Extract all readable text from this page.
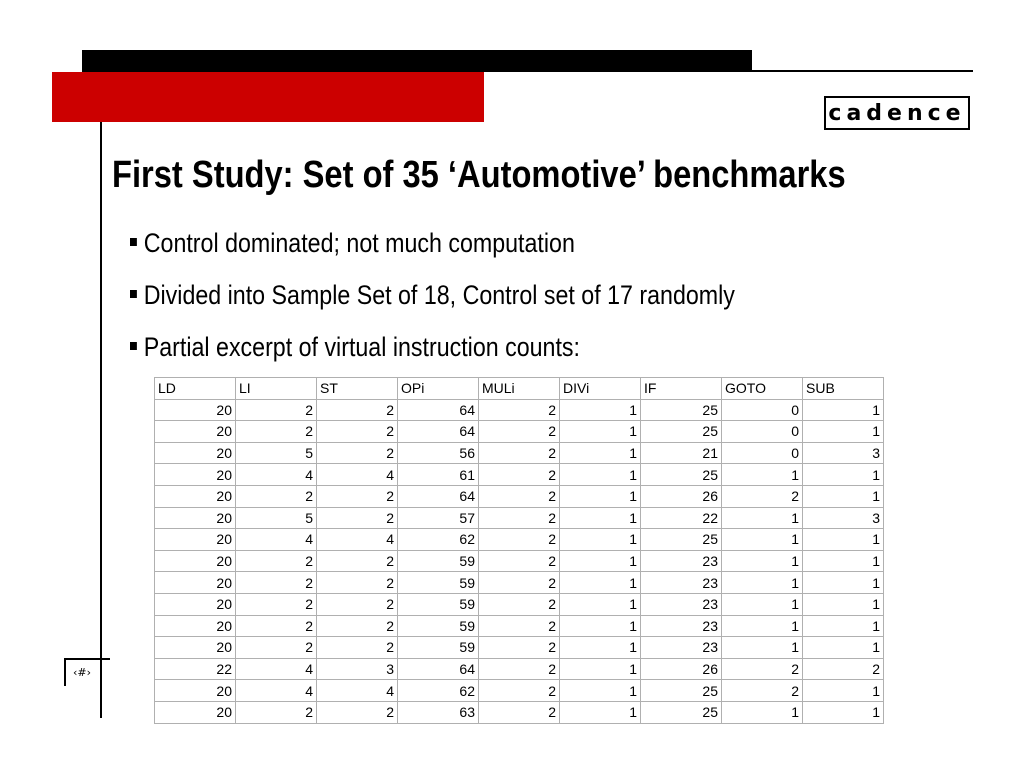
cadence
First Study: Set of 35 ‘Automotive’ benchmarks
Control dominated; not much computation
Divided into Sample Set of 18, Control set of 17 randomly
Partial excerpt of virtual instruction counts:
LD	LI	ST	OPi	MULi	DIVi	IF	GOTO	SUB
20	2	2	64	2	1	25	0	1
20	2	2	64	2	1	25	0	1
20	5	2	56	2	1	21	0	3
20	4	4	61	2	1	25	1	1
20	2	2	64	2	1	26	2	1
20	5	2	57	2	1	22	1	3
20	4	4	62	2	1	25	1	1
20	2	2	59	2	1	23	1	1
20	2	2	59	2	1	23	1	1
20	2	2	59	2	1	23	1	1
20	2	2	59	2	1	23	1	1
20	2	2	59	2	1	23	1	1
22	4	3	64	2	1	26	2	2
20	4	4	62	2	1	25	2	1
20	2	2	63	2	1	25	1	1
‹#›
